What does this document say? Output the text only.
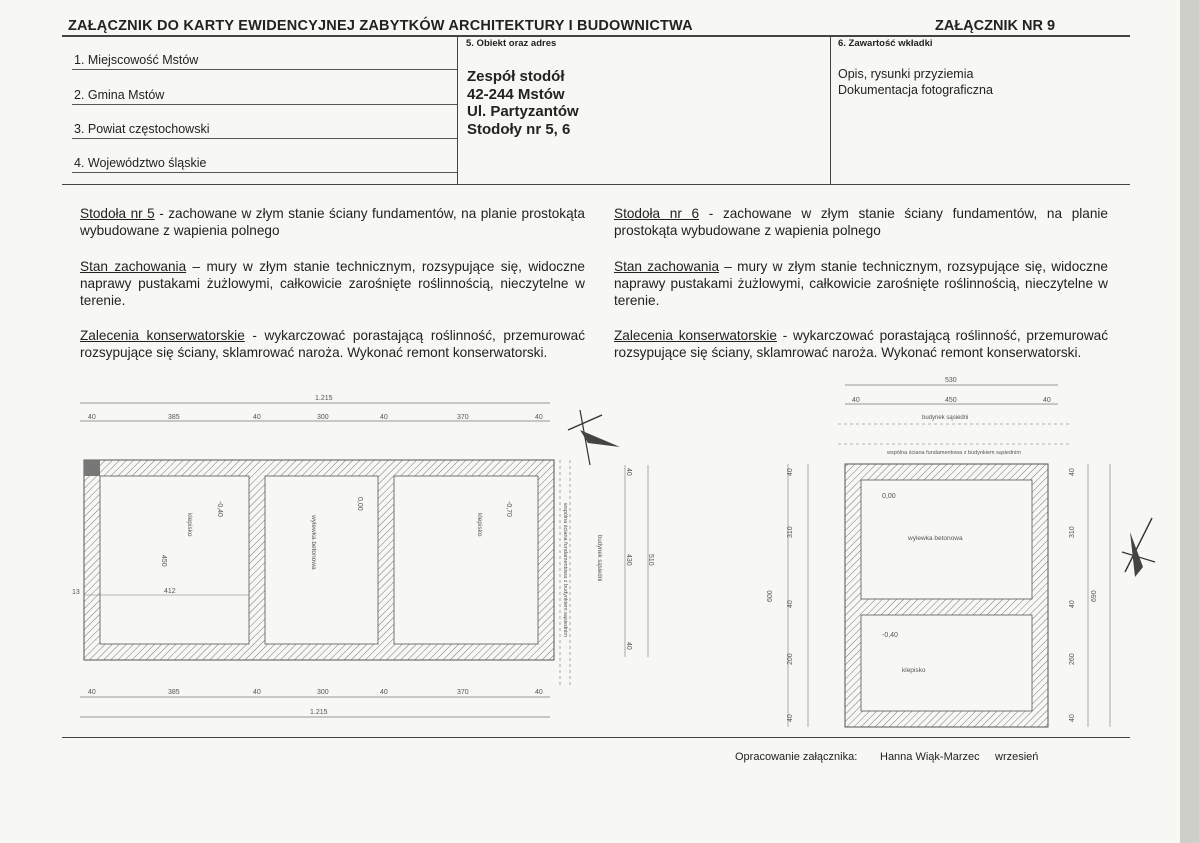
ZAŁĄCZNIK DO KARTY EWIDENCYJNEJ ZABYTKÓW ARCHITEKTURY I BUDOWNICTWA	ZAŁĄCZNIK NR 9
1. Miejscowość Mstów
2. Gmina Mstów
3. Powiat częstochowski
4. Województwo śląskie
5. Obiekt oraz adres
Zespół stodół
42-244 Mstów
Ul. Partyzantów
Stodoły nr 5, 6
6. Zawartość wkładki
Opis, rysunki przyziemia
Dokumentacja fotograficzna
Stodoła nr 5 - zachowane w złym stanie ściany fundamentów, na planie prostokąta wybudowane z wapienia polnego
Stan zachowania – mury w złym stanie technicznym, rozsypujące się, widoczne naprawy pustakami żużlowymi, całkowicie zarośnięte roślinnością, nieczytelne w terenie.
Zalecenia konserwatorskie - wykarczować porastającą roślinność, przemurować rozsypujące się ściany, sklamrować naroża. Wykonać remont konserwatorski.
Stodoła nr 6 - zachowane w złym stanie ściany fundamentów, na planie prostokąta wybudowane z wapienia polnego
Stan zachowania – mury w złym stanie technicznym, rozsypujące się, widoczne naprawy pustakami żużlowymi, całkowicie zarośnięte roślinnością, nieczytelne w terenie.
Zalecenia konserwatorskie - wykarczować porastającą roślinność, przemurować rozsypujące się ściany, sklamrować naroża. Wykonać remont konserwatorski.
1.215
40	385	40	300	40	370	40
-0,40
klepisko
0,00
wylewka betonowa
-0,70
klepisko
450
412
13	wspólna ściana fundamentowa z budynkiem sąsiednim	budynek sąsiedni
40	385	40	300	40	370	40
1.215
40
430
40
510
530
40	450	40
budynek sąsiedni
wspólna ściana fundamentowa z budynkiem sąsiednim
0,00
wylewka betonowa
-0,40
klepisko
40
310
40
200
40
600
40
310
40
260
40
690
Opracowanie załącznika: Hanna Wiąk-Marzec wrzesień
